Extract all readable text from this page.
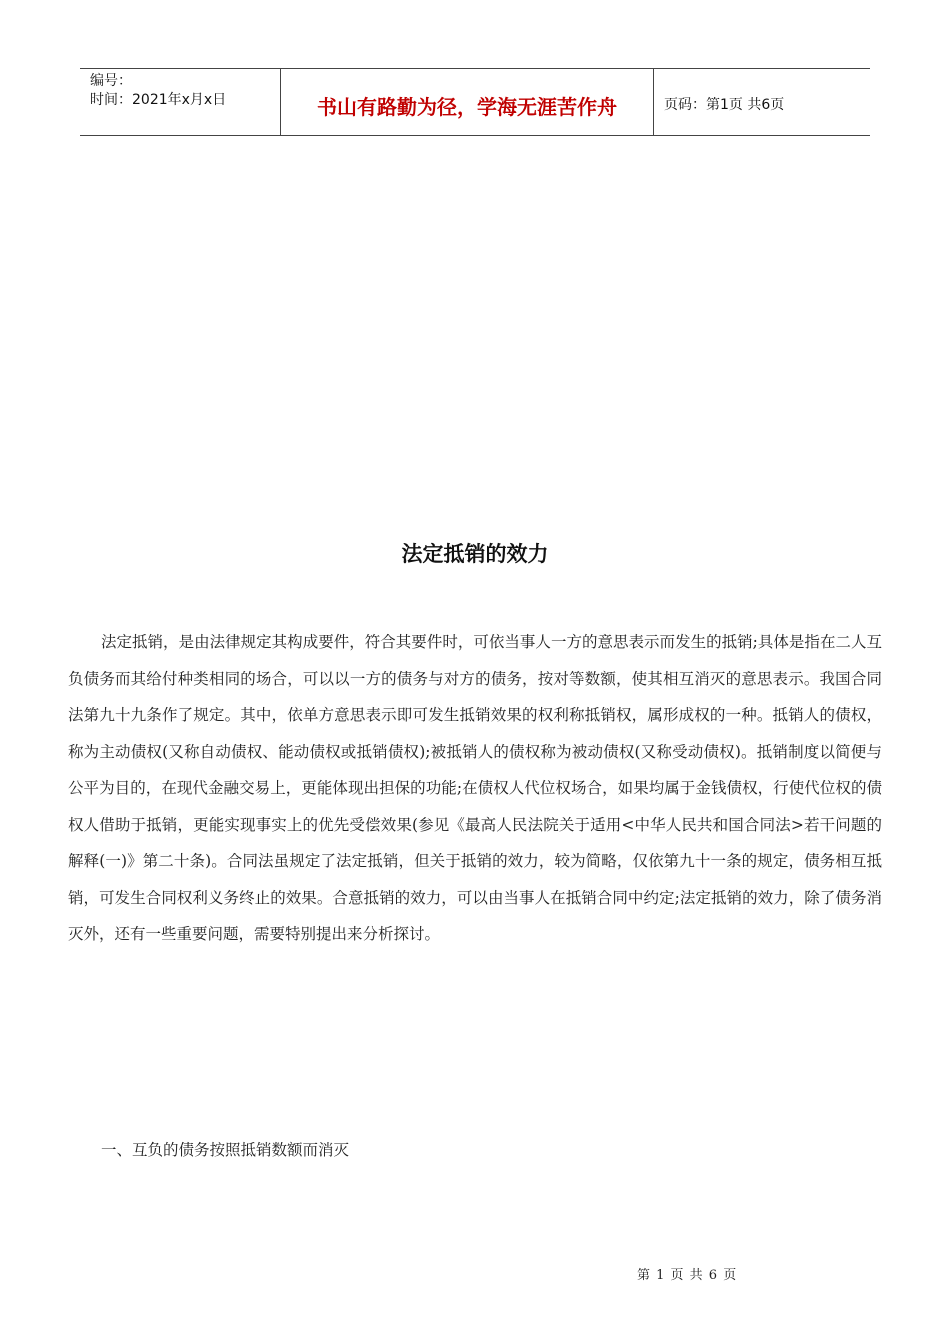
编号：
时间：2021年x月x日	书山有路勤为径，学海无涯苦作舟	页码：第1页 共6页
法定抵销的效力

法定抵销，是由法律规定其构成要件，符合其要件时，可依当事人一方的意思表示而发生的抵销;具体是指在二人互负债务而其给付种类相同的场合，可以以一方的债务与对方的债务，按对等数额，使其相互消灭的意思表示。我国合同法第九十九条作了规定。其中，依单方意思表示即可发生抵销效果的权利称抵销权，属形成权的一种。抵销人的债权，称为主动债权(又称自动债权、能动债权或抵销债权);被抵销人的债权称为被动债权(又称受动债权)。抵销制度以简便与公平为目的，在现代金融交易上，更能体现出担保的功能;在债权人代位权场合，如果均属于金钱债权，行使代位权的债权人借助于抵销，更能实现事实上的优先受偿效果(参见《最高人民法院关于适用<中华人民共和国合同法>若干问题的解释(一)》第二十条)。合同法虽规定了法定抵销，但关于抵销的效力，较为简略，仅依第九十一条的规定，债务相互抵销，可发生合同权利义务终止的效果。合意抵销的效力，可以由当事人在抵销合同中约定;法定抵销的效力，除了债务消灭外，还有一些重要问题，需要特别提出来分析探讨。

一、互负的债务按照抵销数额而消灭
第 1 页 共 6 页
